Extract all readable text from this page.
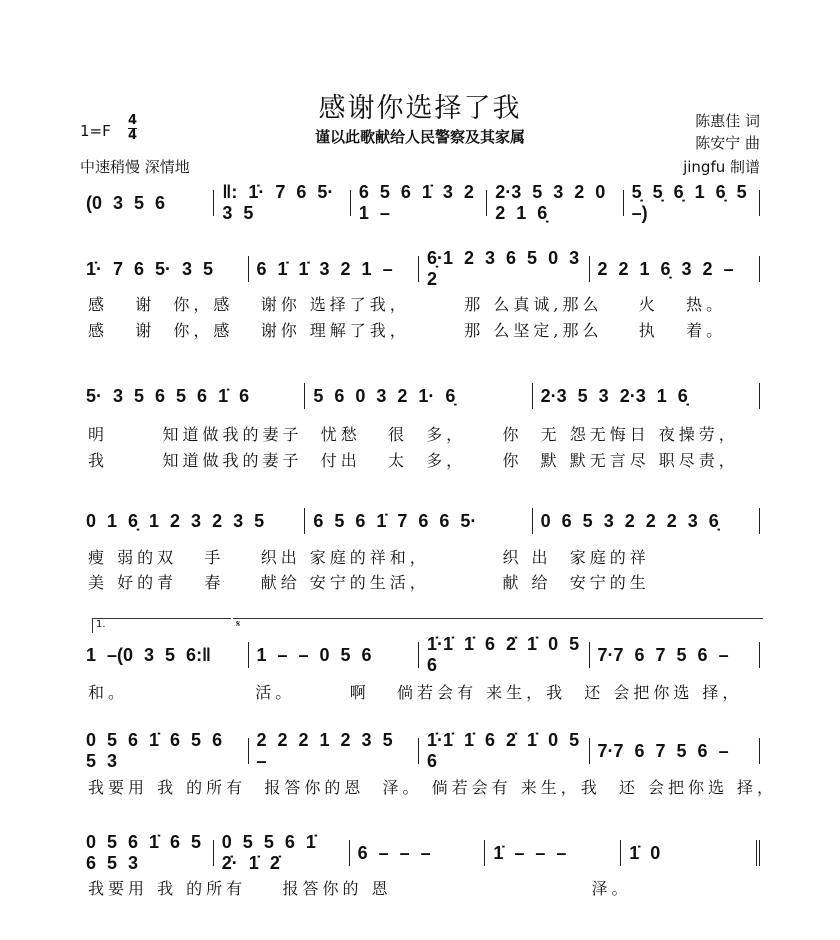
感谢你选择了我
谨以此歌献给人民警察及其家属
1=F
4
4
中速稍慢 深情地
陈惠佳 词
陈安宁 曲
jingfu 制谱
(0 3 5 6
‖: 1̇· 7 6 5· 3 5
6 5 6 1̇ 3 2 1 –
2·3 5 3 2 0 2 1 6̣
5̣ 5̣ 6̣ 1 6̣ 5 –)
1̇· 7 6 5· 3 5	6 1̇ 1̇ 3 2 1 –
6̣·1 2 3 6 5 0 3 2
2 2 1 6̣ 3 2 –
5· 3 5 6 5 6 1̇ 6	5 6 0 3 2 1· 6̣	2·3 5 3 2·3 1 6̣
0 1 6̣ 1 2 3 2 3 5	6 5 6 1̇ 7 6 6 5·	0 6 5 3 2 2 2 3 6̣
1 –(0 3 5 6:‖	1 – – 0 5 6
1̇·1̇ 1̇ 6 2̇ 1̇ 0 5 6
7·7 6 7 5 6 –
0 5 6 1̇ 6 5 6 5 3
2 2 2 1 2 3 5 –
1̇·1̇ 1̇ 6 2̇ 1̇ 0 5 6
7·7 6 7 5 6 –
0 5 6 1̇ 6 5 6 5 3
0 5 5 6 1̇ 2̇· 1̇ 2̇
6 – – –	1̇ – – –	1̇ 0
感   谢  你，感   谢你 选择了我，      那 么真诚,那么    火   热。
感   谢  你，感   谢你 理解了我，      那 么坚定,那么    执   着。
明      知道做我的妻子  忧愁   很  多，    你  无 怨无悔日 夜操劳，
我      知道做我的妻子  付出   太  多，    你  默 默无言尽 职尽责，
瘦 弱的双   手    织出 家庭的祥和，        织 出  家庭的祥
美 好的青   春    献给 安宁的生活，        献 给  安宁的生
和。              活。      啊   倘若会有 来生，我  还 会把你选 择，
我要用 我 的所有  报答你的恩  泽。 倘若会有 来生，我  还 会把你选 择，
我要用 我 的所有    报答你的 恩                      泽。
1.	𝄋
